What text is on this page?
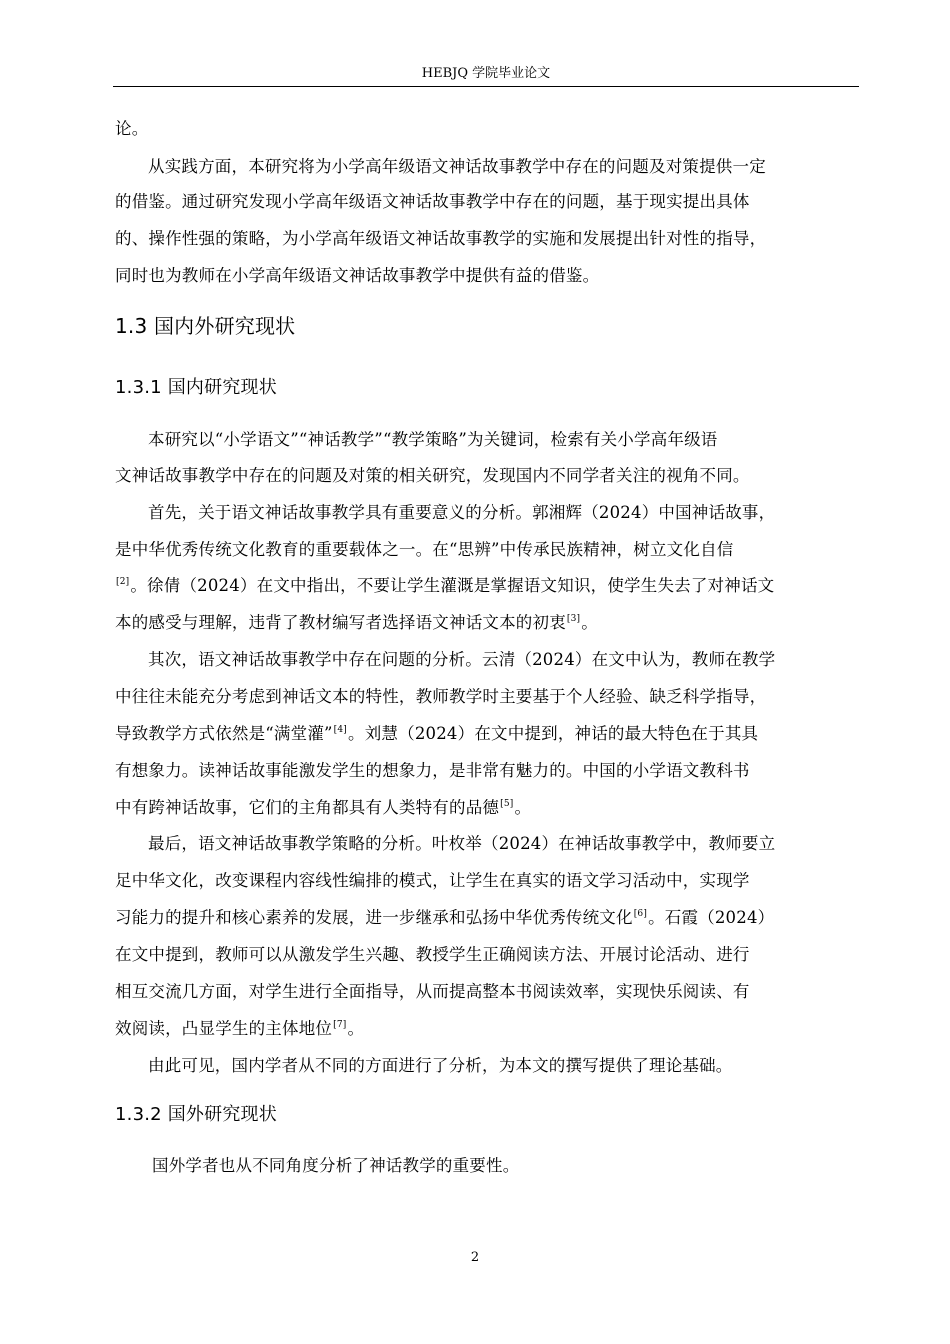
HEBJQ 学院毕业论文
论。
从实践方面，本研究将为小学高年级语文神话故事教学中存在的问题及对策提供一定
的借鉴。通过研究发现小学高年级语文神话故事教学中存在的问题，基于现实提出具体
的、操作性强的策略，为小学高年级语文神话故事教学的实施和发展提出针对性的指导，
同时也为教师在小学高年级语文神话故事教学中提供有益的借鉴。
1.3 国内外研究现状
1.3.1 国内研究现状
本研究以“小学语文”“神话教学”“教学策略”为关键词，检索有关小学高年级语
文神话故事教学中存在的问题及对策的相关研究，发现国内不同学者关注的视角不同。
首先，关于语文神话故事教学具有重要意义的分析。郭湘辉（2024）中国神话故事，
是中华优秀传统文化教育的重要载体之一。在“思辨”中传承民族精神，树立文化自信
[2]。徐倩（2024）在文中指出，不要让学生灌溉是掌握语文知识，使学生失去了对神话文
本的感受与理解，违背了教材编写者选择语文神话文本的初衷[3]。
其次，语文神话故事教学中存在问题的分析。云清（2024）在文中认为，教师在教学
中往往未能充分考虑到神话文本的特性，教师教学时主要基于个人经验、缺乏科学指导，
导致教学方式依然是“满堂灌”[4]。刘慧（2024）在文中提到，神话的最大特色在于其具
有想象力。读神话故事能激发学生的想象力，是非常有魅力的。中国的小学语文教科书
中有跨神话故事，它们的主角都具有人类特有的品德[5]。
最后，语文神话故事教学策略的分析。叶枚举（2024）在神话故事教学中，教师要立
足中华文化，改变课程内容线性编排的模式，让学生在真实的语文学习活动中，实现学
习能力的提升和核心素养的发展，进一步继承和弘扬中华优秀传统文化[6]。石霞（2024）
在文中提到，教师可以从激发学生兴趣、教授学生正确阅读方法、开展讨论活动、进行
相互交流几方面，对学生进行全面指导，从而提高整本书阅读效率，实现快乐阅读、有
效阅读，凸显学生的主体地位[7]。
由此可见，国内学者从不同的方面进行了分析，为本文的撰写提供了理论基础。
1.3.2 国外研究现状
国外学者也从不同角度分析了神话教学的重要性。
2
